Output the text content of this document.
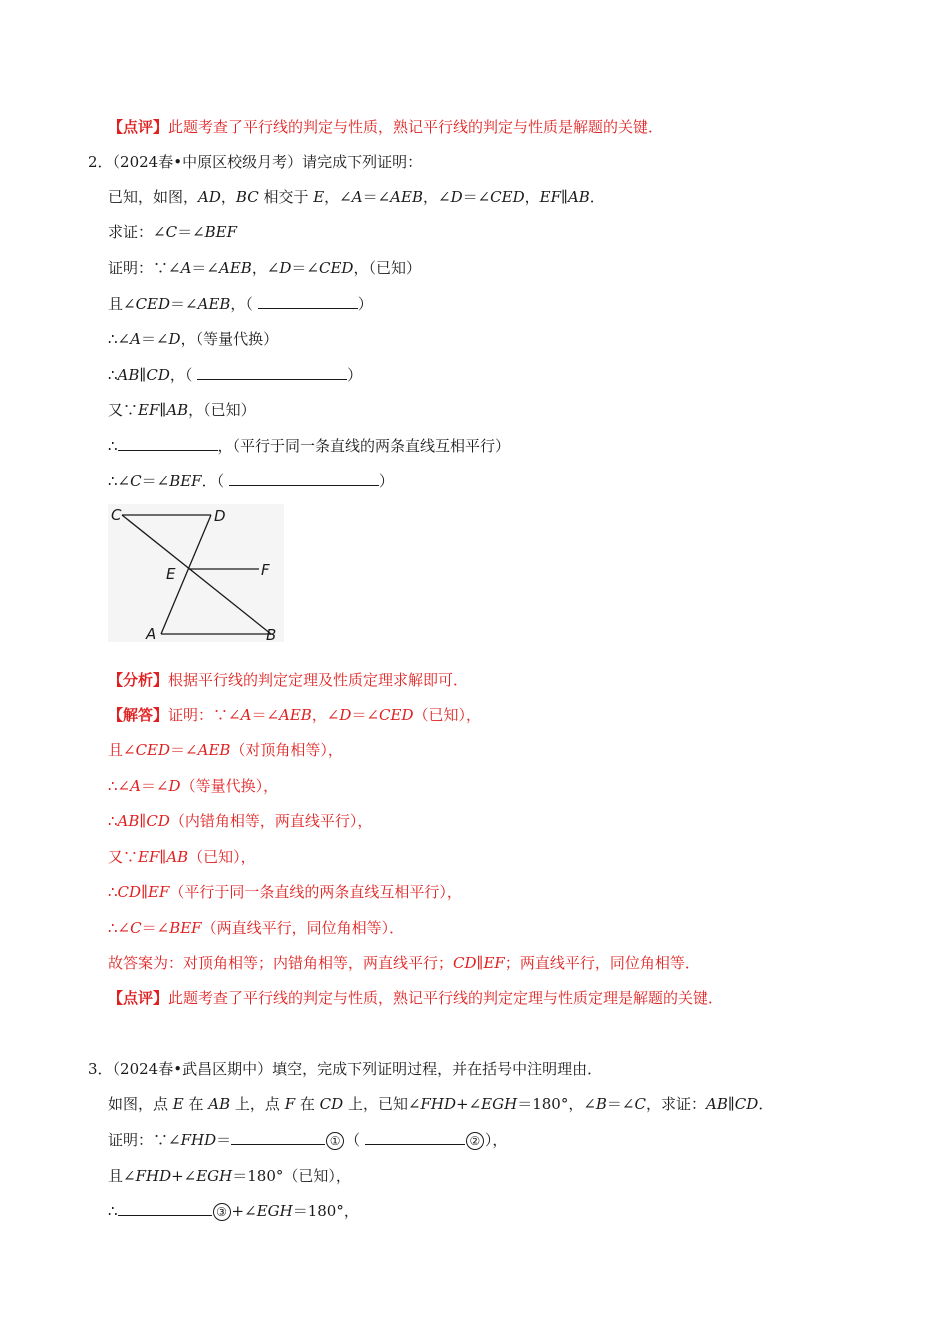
【点评】此题考查了平行线的判定与性质，熟记平行线的判定与性质是解题的关键．
2．（2024春•中原区校级月考）请完成下列证明：
已知，如图，AD，BC 相交于 E，∠A＝∠AEB，∠D＝∠CED，EF∥AB．
求证：∠C＝∠BEF
证明：∵∠A＝∠AEB，∠D＝∠CED，（已知）
且∠CED＝∠AEB，（	）
∴∠A＝∠D，（等量代换）
∴AB∥CD，（	）
又∵EF∥AB，（已知）
∴	，（平行于同一条直线的两条直线互相平行）
∴∠C＝∠BEF．（	）
C	D
E	F
A	B
【分析】根据平行线的判定定理及性质定理求解即可．
【解答】证明：∵∠A＝∠AEB，∠D＝∠CED（已知），
且∠CED＝∠AEB（对顶角相等），
∴∠A＝∠D（等量代换），
∴AB∥CD（内错角相等，两直线平行），
又∵EF∥AB（已知），
∴CD∥EF（平行于同一条直线的两条直线互相平行），
∴∠C＝∠BEF（两直线平行，同位角相等）．
故答案为：对顶角相等；内错角相等，两直线平行；CD∥EF；两直线平行，同位角相等．
【点评】此题考查了平行线的判定与性质，熟记平行线的判定定理与性质定理是解题的关键．
3．（2024春•武昌区期中）填空，完成下列证明过程，并在括号中注明理由．
如图，点 E 在 AB 上，点 F 在 CD 上，已知∠FHD+∠EGH＝180°，∠B＝∠C，求证：AB∥CD．
证明：∵∠FHD＝	① （	② ），
且∠FHD+∠EGH＝180°（已知），
∴	③ +∠EGH＝180°，
